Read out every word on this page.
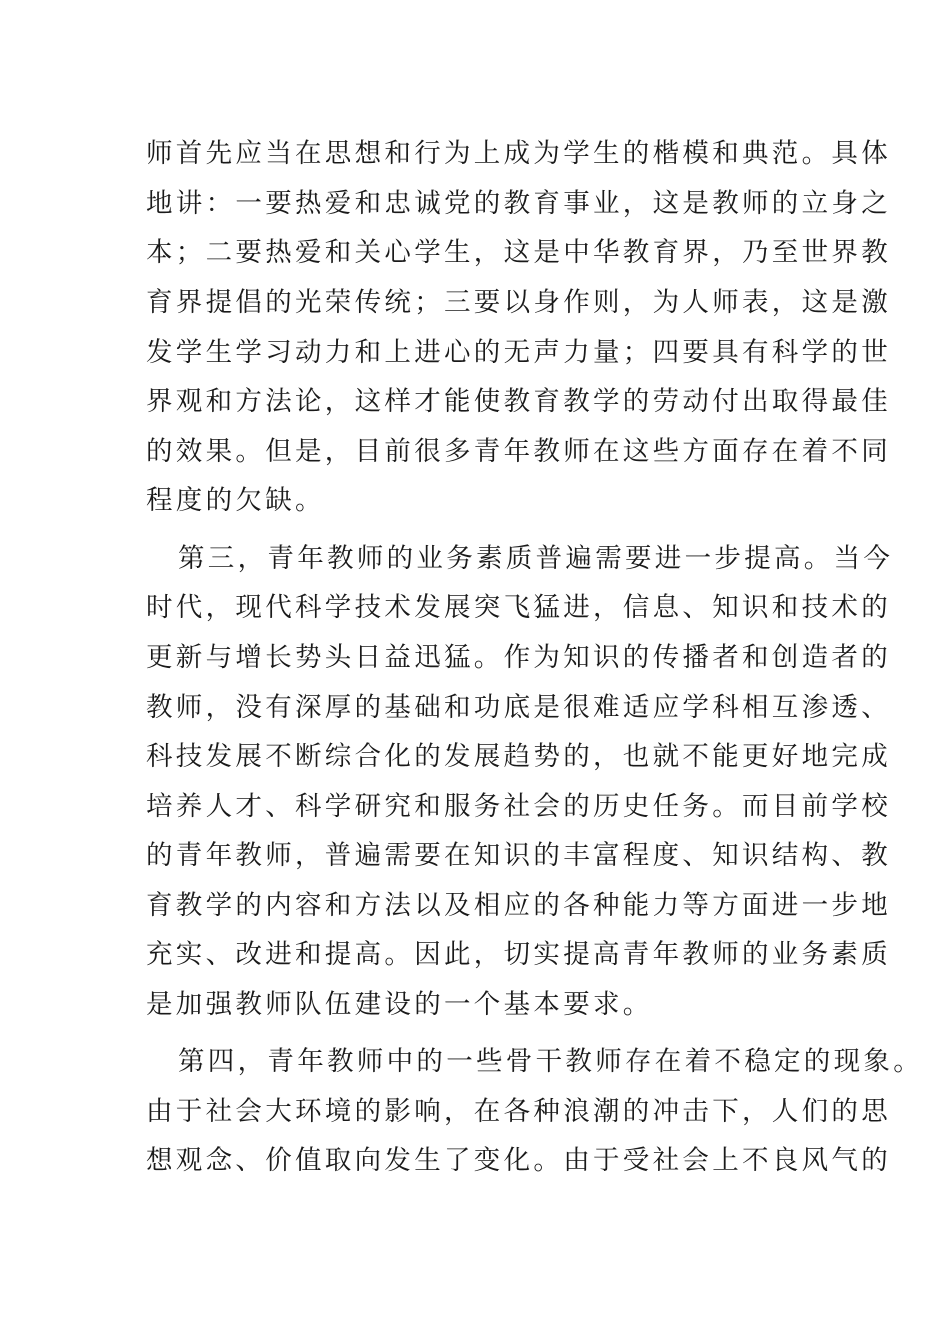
师首先应当在思想和行为上成为学生的楷模和典范。具体
地讲：一要热爱和忠诚党的教育事业，这是教师的立身之
本；二要热爱和关心学生，这是中华教育界，乃至世界教
育界提倡的光荣传统；三要以身作则，为人师表，这是激
发学生学习动力和上进心的无声力量；四要具有科学的世
界观和方法论，这样才能使教育教学的劳动付出取得最佳
的效果。但是，目前很多青年教师在这些方面存在着不同
程度的欠缺。
第三，青年教师的业务素质普遍需要进一步提高。当今
时代，现代科学技术发展突飞猛进，信息、知识和技术的
更新与增长势头日益迅猛。作为知识的传播者和创造者的
教师，没有深厚的基础和功底是很难适应学科相互渗透、
科技发展不断综合化的发展趋势的，也就不能更好地完成
培养人才、科学研究和服务社会的历史任务。而目前学校
的青年教师，普遍需要在知识的丰富程度、知识结构、教
育教学的内容和方法以及相应的各种能力等方面进一步地
充实、改进和提高。因此，切实提高青年教师的业务素质
是加强教师队伍建设的一个基本要求。
第四，青年教师中的一些骨干教师存在着不稳定的现象。
由于社会大环境的影响，在各种浪潮的冲击下，人们的思
想观念、价值取向发生了变化。由于受社会上不良风气的
